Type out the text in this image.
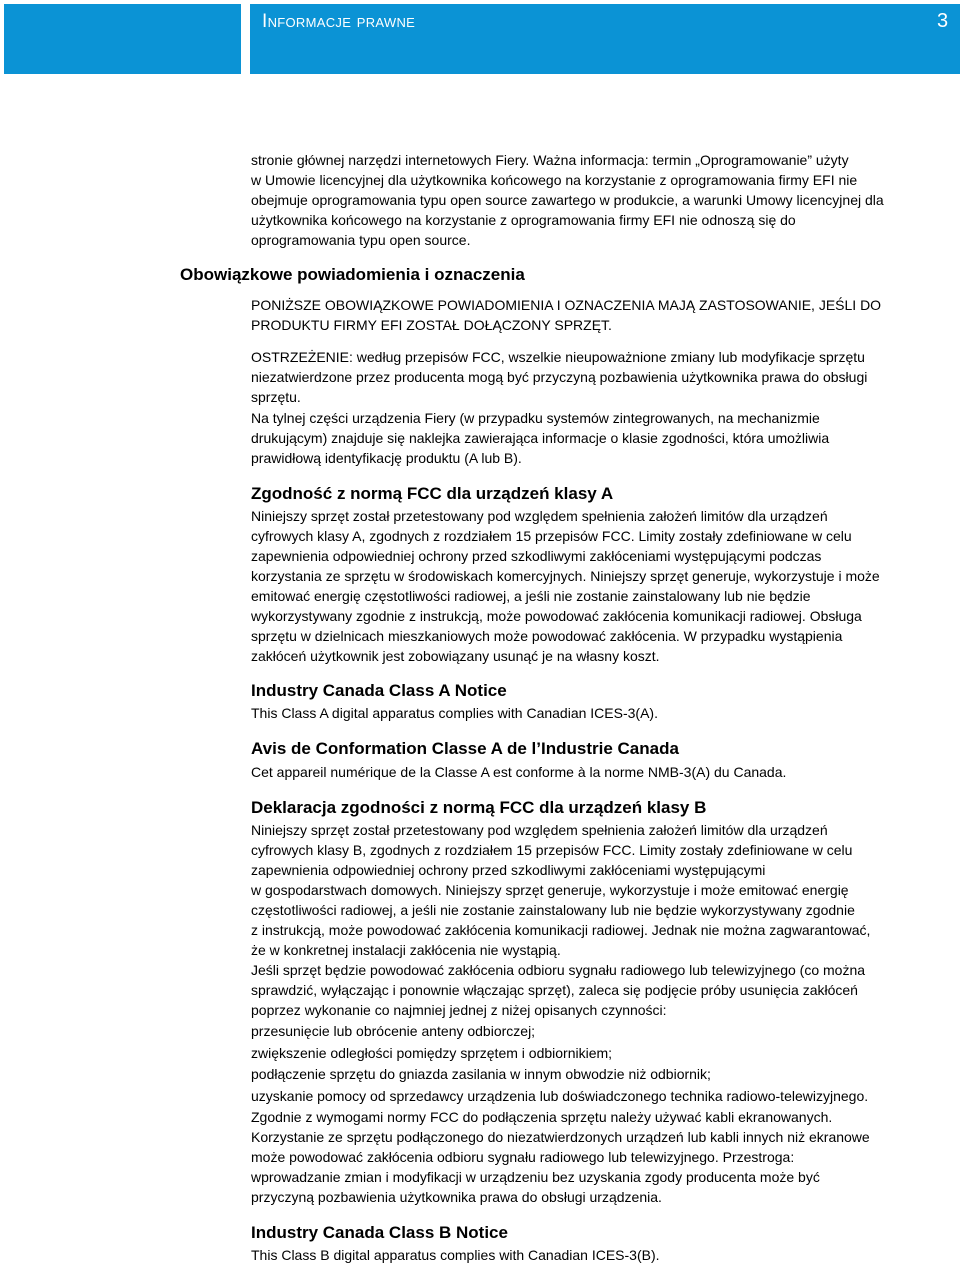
Informacje prawne	3

stronie głównej narzędzi internetowych Fiery. Ważna informacja: termin „Oprogramowanie” użyty
w Umowie licencyjnej dla użytkownika końcowego na korzystanie z oprogramowania firmy EFI nie
obejmuje oprogramowania typu open source zawartego w produkcie, a warunki Umowy licencyjnej dla
użytkownika końcowego na korzystanie z oprogramowania firmy EFI nie odnoszą się do
oprogramowania typu open source.

Obowiązkowe powiadomienia i oznaczenia

PONIŻSZE OBOWIĄZKOWE POWIADOMIENIA I OZNACZENIA MAJĄ ZASTOSOWANIE, JEŚLI DO
PRODUKTU FIRMY EFI ZOSTAŁ DOŁĄCZONY SPRZĘT.

OSTRZEŻENIE: według przepisów FCC, wszelkie nieupoważnione zmiany lub modyfikacje sprzętu
niezatwierdzone przez producenta mogą być przyczyną pozbawienia użytkownika prawa do obsługi
sprzętu.

Na tylnej części urządzenia Fiery (w przypadku systemów zintegrowanych, na mechanizmie
drukującym) znajduje się naklejka zawierająca informacje o klasie zgodności, która umożliwia
prawidłową identyfikację produktu (A lub B).

Zgodność z normą FCC dla urządzeń klasy A

Niniejszy sprzęt został przetestowany pod względem spełnienia założeń limitów dla urządzeń
cyfrowych klasy A, zgodnych z rozdziałem 15 przepisów FCC. Limity zostały zdefiniowane w celu
zapewnienia odpowiedniej ochrony przed szkodliwymi zakłóceniami występującymi podczas
korzystania ze sprzętu w środowiskach komercyjnych. Niniejszy sprzęt generuje, wykorzystuje i może
emitować energię częstotliwości radiowej, a jeśli nie zostanie zainstalowany lub nie będzie
wykorzystywany zgodnie z instrukcją, może powodować zakłócenia komunikacji radiowej. Obsługa
sprzętu w dzielnicach mieszkaniowych może powodować zakłócenia. W przypadku wystąpienia
zakłóceń użytkownik jest zobowiązany usunąć je na własny koszt.

Industry Canada Class A Notice

This Class A digital apparatus complies with Canadian ICES-3(A).

Avis de Conformation Classe A de l’Industrie Canada

Cet appareil numérique de la Classe A est conforme à la norme NMB-3(A) du Canada.

Deklaracja zgodności z normą FCC dla urządzeń klasy B

Niniejszy sprzęt został przetestowany pod względem spełnienia założeń limitów dla urządzeń
cyfrowych klasy B, zgodnych z rozdziałem 15 przepisów FCC. Limity zostały zdefiniowane w celu
zapewnienia odpowiedniej ochrony przed szkodliwymi zakłóceniami występującymi
w gospodarstwach domowych. Niniejszy sprzęt generuje, wykorzystuje i może emitować energię
częstotliwości radiowej, a jeśli nie zostanie zainstalowany lub nie będzie wykorzystywany zgodnie
z instrukcją, może powodować zakłócenia komunikacji radiowej. Jednak nie można zagwarantować,
że w konkretnej instalacji zakłócenia nie wystąpią.

Jeśli sprzęt będzie powodować zakłócenia odbioru sygnału radiowego lub telewizyjnego (co można
sprawdzić, wyłączając i ponownie włączając sprzęt), zaleca się podjęcie próby usunięcia zakłóceń
poprzez wykonanie co najmniej jednej z niżej opisanych czynności:

przesunięcie lub obrócenie anteny odbiorczej;

zwiększenie odległości pomiędzy sprzętem i odbiornikiem;

podłączenie sprzętu do gniazda zasilania w innym obwodzie niż odbiornik;

uzyskanie pomocy od sprzedawcy urządzenia lub doświadczonego technika radiowo-telewizyjnego.

Zgodnie z wymogami normy FCC do podłączenia sprzętu należy używać kabli ekranowanych.
Korzystanie ze sprzętu podłączonego do niezatwierdzonych urządzeń lub kabli innych niż ekranowe
może powodować zakłócenia odbioru sygnału radiowego lub telewizyjnego. Przestroga:
wprowadzanie zmian i modyfikacji w urządzeniu bez uzyskania zgody producenta może być
przyczyną pozbawienia użytkownika prawa do obsługi urządzenia.

Industry Canada Class B Notice

This Class B digital apparatus complies with Canadian ICES-3(B).
